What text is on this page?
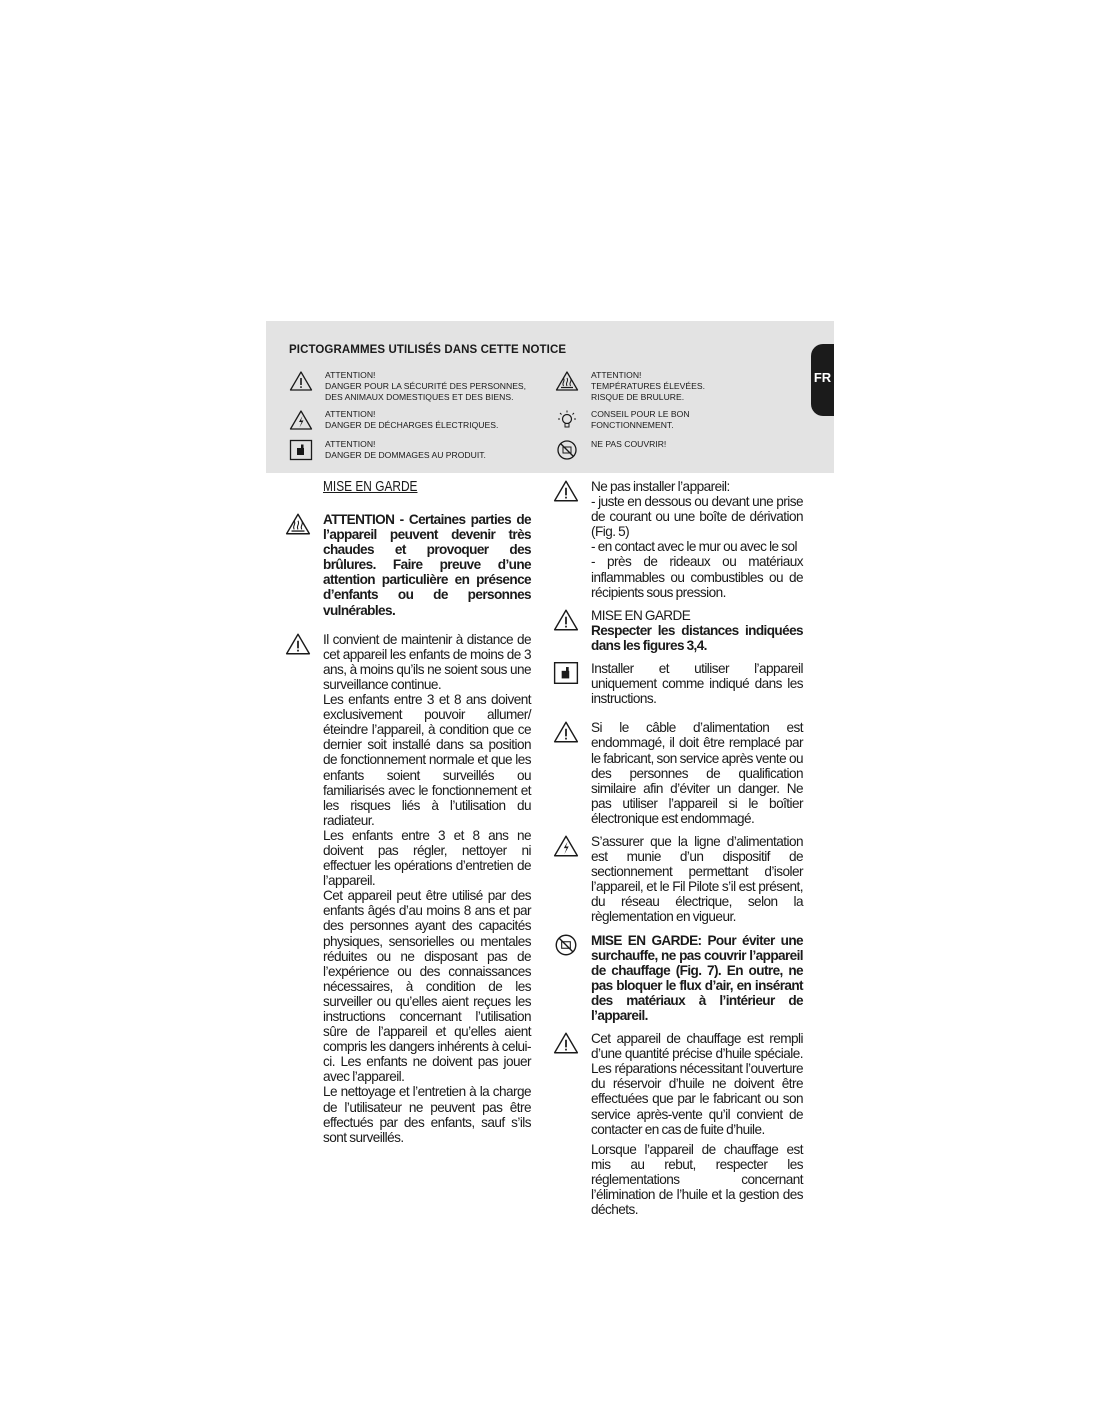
PICTOGRAMMES UTILISÉS DANS CETTE NOTICE
ATTENTION!
DANGER POUR LA SÉCURITÉ DES PERSONNES,
DES ANIMAUX DOMESTIQUES ET DES BIENS.
ATTENTION!
DANGER DE DÉCHARGES ÉLECTRIQUES.
ATTENTION!
DANGER DE DOMMAGES AU PRODUIT.
ATTENTION!
TEMPÉRATURES ÉLEVÉES.
RISQUE DE BRULURE.
CONSEIL POUR LE BON
FONCTIONNEMENT.
NE PAS COUVRIR!
FR
MISE EN GARDE
ATTENTION - Certaines parties de l’appareil peuvent devenir très chaudes et provoquer des brûlures. Faire preuve d’une attention particulière en présence d’enfants ou de personnes vulnérables.

Il convient de maintenir à distance de cet appareil les enfants de moins de 3 ans, à moins qu’ils ne soient sous une surveillance continue.

Les enfants entre 3 et 8 ans doivent exclusivement pouvoir allumer/éteindre l’appareil, à condition que ce dernier soit installé dans sa position de fonctionnement normale et que les enfants soient surveillés ou familiarisés avec le fonctionnement et les risques liés à l’utilisation du radiateur.

Les enfants entre 3 et 8 ans ne doivent pas régler, nettoyer ni effectuer les opérations d’entretien de l’appareil.

Cet appareil peut être utilisé par des enfants âgés d’au moins 8 ans et par des personnes ayant des capacités physiques, sensorielles ou mentales réduites ou ne disposant pas de l’expérience ou des connaissances nécessaires, à condition de les surveiller ou qu’elles aient reçues les instructions concernant l’utilisation sûre de l’appareil et qu’elles aient compris les dangers inhérents à celui-ci. Les enfants ne doivent pas jouer avec l’appareil.

Le nettoyage et l’entretien à la charge de l’utilisateur ne peuvent pas être effectués par des enfants, sauf s’ils sont surveillés.

Ne pas installer l’appareil:

- juste en dessous ou devant une prise de courant ou une boîte de dérivation (Fig. 5)

- en contact avec le mur ou avec le sol

- près de rideaux ou matériaux inflammables ou combustibles ou de récipients sous pression.

MISE EN GARDE

Respecter les distances indiquées dans les figures 3,4.

Installer et utiliser l’appareil uniquement comme indiqué dans les instructions.
Si le câble d’alimentation est endommagé, il doit être remplacé par le fabricant, son service après vente ou des personnes de qualification similaire afin d’éviter un danger. Ne pas utiliser l’appareil si le boîtier électronique est endommagé.
S’assurer que la ligne d’alimentation est munie d’un dispositif de sectionnement permettant d’isoler l’appareil, et le Fil Pilote s’il est présent, du réseau électrique, selon la règlementation en vigueur.
MISE EN GARDE: Pour éviter une surchauffe, ne pas couvrir l’appareil de chauffage (Fig. 7). En outre, ne pas bloquer le flux d’air, en insérant des matériaux à l’intérieur de l’appareil.

Cet appareil de chauffage est rempli d’une quantité précise d’huile spéciale. Les réparations nécessitant l’ouverture du réservoir d’huile ne doivent être effectuées que par le fabricant ou son service après-vente qu’il convient de contacter en cas de fuite d’huile.

Lorsque l’appareil de chauffage est mis au rebut, respecter les réglementations concernant l’élimination de l’huile et la gestion des déchets.
